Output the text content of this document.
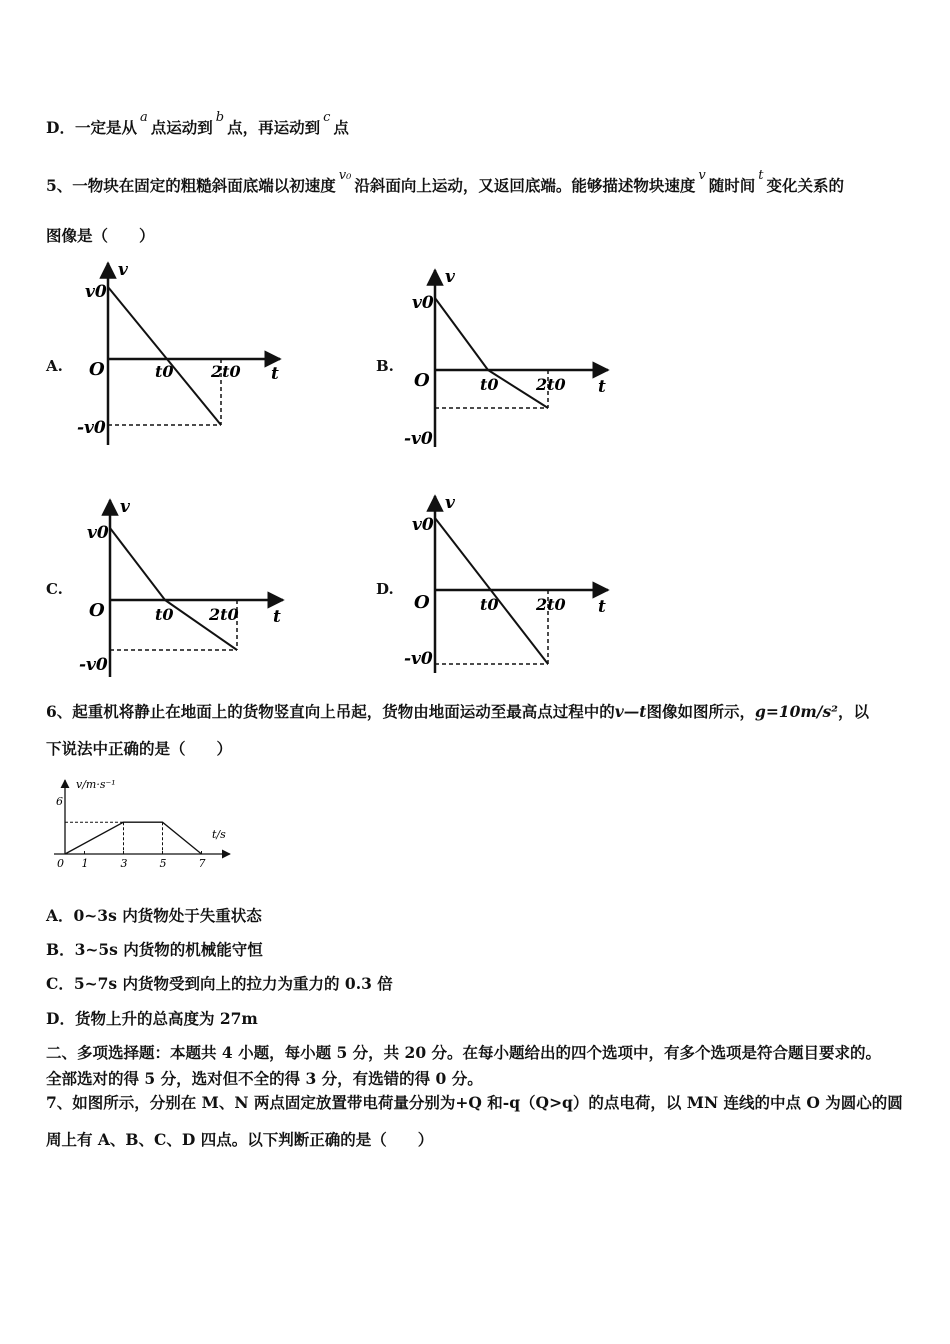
D．一定是从$^a$点运动到$^b$点，再运动到$^c$点
5、一物块在固定的粗糙斜面底端以初速度$^{v_0}$沿斜面向上运动，又返回底端。能够描述物块速度$^v$随时间$^t$变化关系的
图像是（　　）
A.
v
v0
O	t0 2t0 t
-v0
B.
v
v0
O	t0 2t0 t
-v0
C.
v
v0
O	t0 2t0 t
-v0
D.
v
v0
O	t0 2t0 t
-v0
6、起重机将静止在地面上的货物竖直向上吊起，货物由地面运动至最高点过程中的v—t图像如图所示，g=10m/s²，以
下说法中正确的是（　　）
v/m·s⁻¹
t/s
6
0 1	3	5	7
A．0~3s 内货物处于失重状态
B．3~5s 内货物的机械能守恒
C．5~7s 内货物受到向上的拉力为重力的 0.3 倍
D．货物上升的总高度为 27m
二、多项选择题：本题共 4 小题，每小题 5 分，共 20 分。在每小题给出的四个选项中，有多个选项是符合题目要求的。
全部选对的得 5 分，选对但不全的得 3 分，有选错的得 0 分。
7、如图所示，分别在 M、N 两点固定放置带电荷量分别为+Q 和-q（Q>q）的点电荷，以 MN 连线的中点 O 为圆心的圆
周上有 A、B、C、D 四点。以下判断正确的是（　　）
